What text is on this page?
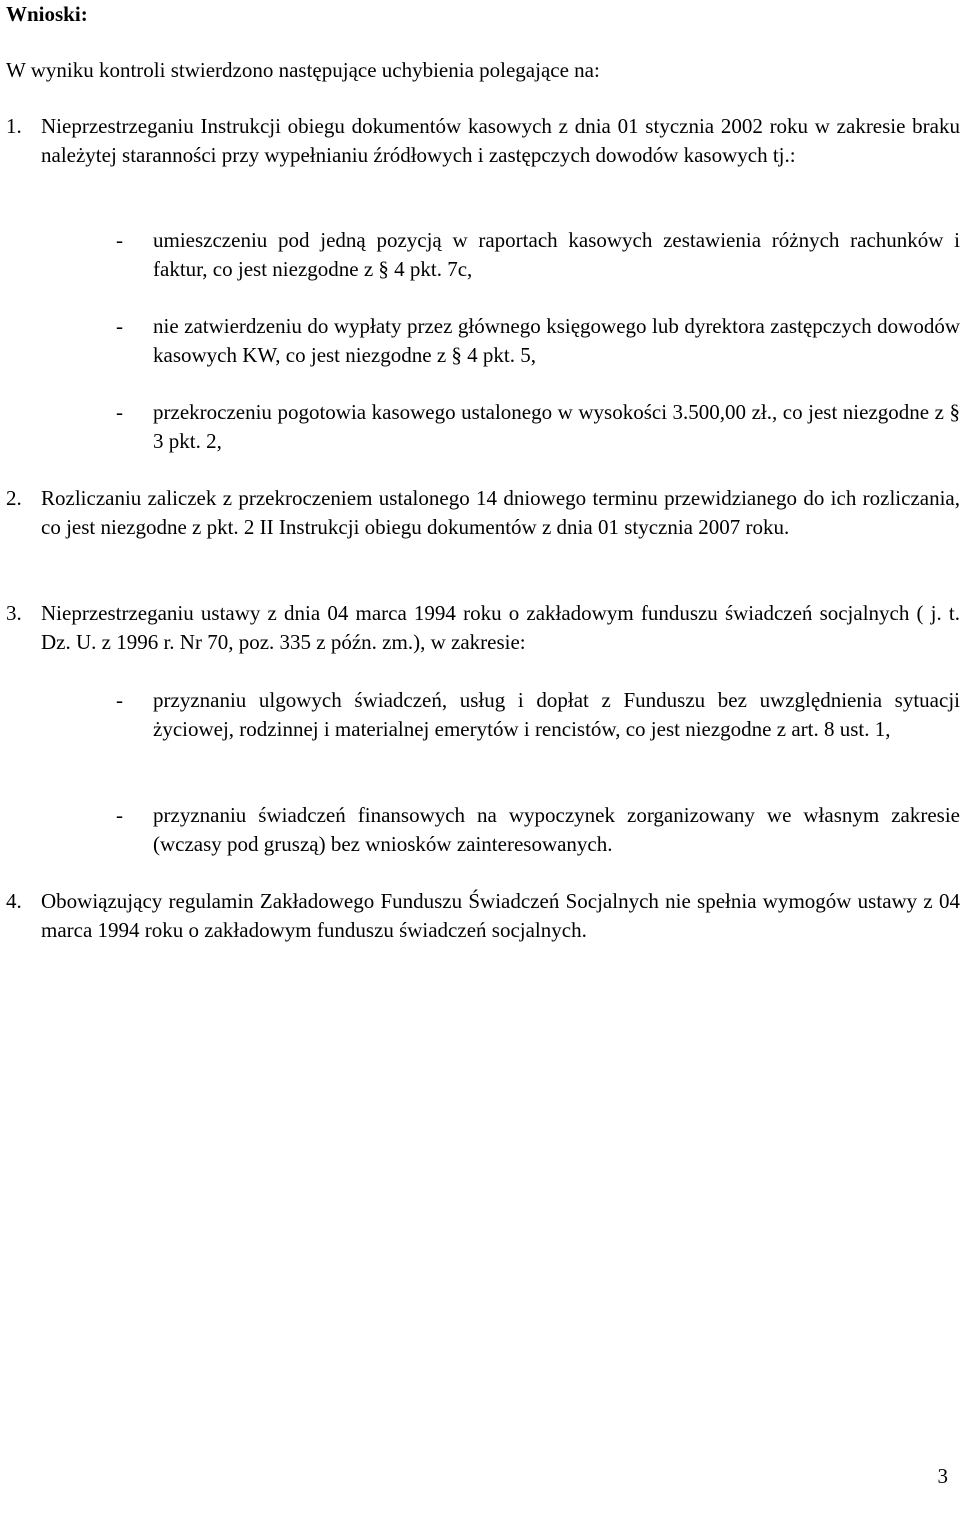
Wnioski:
W wyniku kontroli stwierdzono następujące uchybienia polegające na:
1. Nieprzestrzeganiu Instrukcji obiegu dokumentów kasowych z dnia 01 stycznia 2002 roku w zakresie braku należytej staranności przy wypełnianiu źródłowych i zastępczych dowodów kasowych tj.:
- umieszczeniu pod jedną pozycją w raportach kasowych zestawienia różnych rachunków i faktur, co jest niezgodne z § 4 pkt. 7c,
- nie zatwierdzeniu do wypłaty przez głównego księgowego lub dyrektora zastępczych dowodów kasowych KW, co jest niezgodne z § 4 pkt. 5,
- przekroczeniu pogotowia kasowego ustalonego w wysokości 3.500,00 zł., co jest niezgodne z § 3 pkt. 2,
2. Rozliczaniu zaliczek z przekroczeniem ustalonego 14 dniowego terminu przewidzianego do ich rozliczania, co jest niezgodne z pkt. 2 II Instrukcji obiegu dokumentów z dnia 01 stycznia 2007 roku.
3. Nieprzestrzeganiu ustawy z dnia 04 marca 1994 roku o zakładowym funduszu świadczeń socjalnych ( j. t. Dz. U. z 1996 r. Nr 70, poz. 335 z późn. zm.), w zakresie:
- przyznaniu ulgowych świadczeń, usług i dopłat z Funduszu bez uwzględnienia sytuacji życiowej, rodzinnej i materialnej emerytów i rencistów, co jest niezgodne z art. 8 ust. 1,
- przyznaniu świadczeń finansowych na wypoczynek zorganizowany we własnym zakresie (wczasy pod gruszą) bez wniosków zainteresowanych.
4. Obowiązujący regulamin Zakładowego Funduszu Świadczeń Socjalnych nie spełnia wymogów ustawy z 04 marca 1994 roku o zakładowym funduszu świadczeń socjalnych.
3
